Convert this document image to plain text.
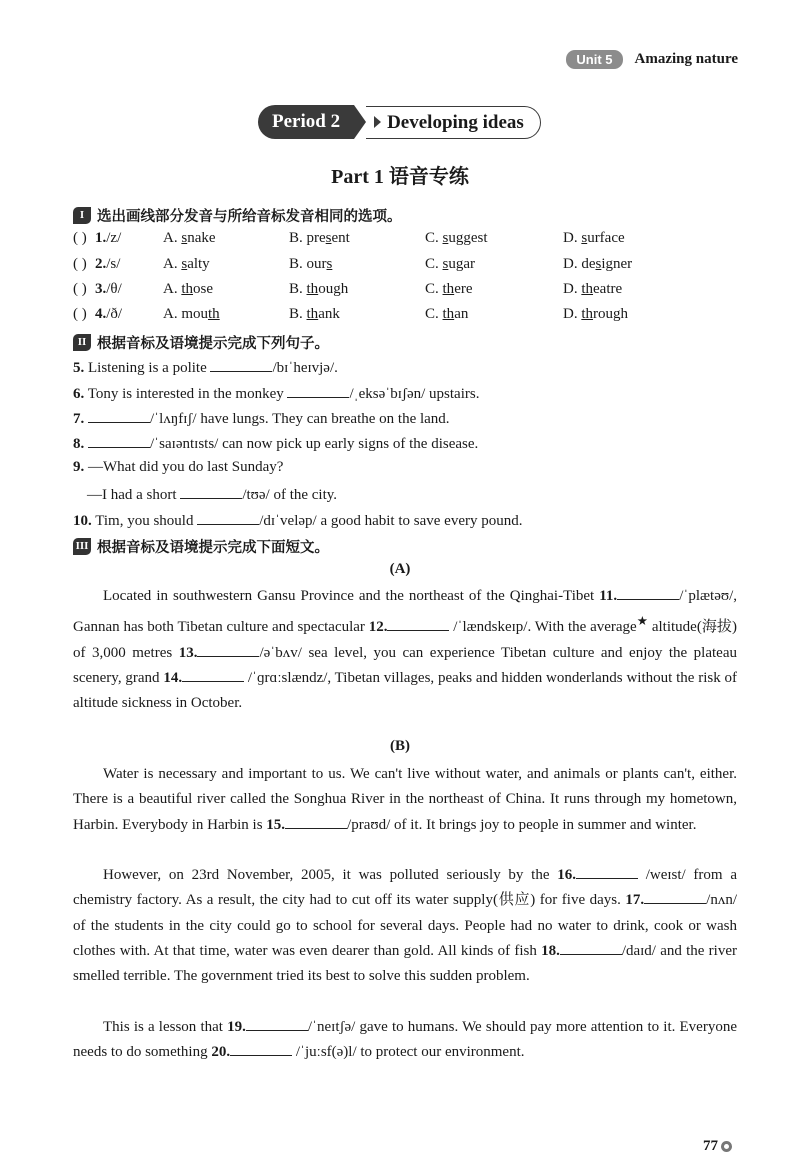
Unit 5	Amazing nature
Period 2	Developing ideas
Part 1 语音专练
I 选出画线部分发音与所给音标发音相同的选项。
( ) 1./z/	A. snake	B. present	C. suggest	D. surface
( ) 2./s/	A. salty	B. ours	C. sugar	D. designer
( ) 3./θ/	A. those	B. though	C. there	D. theatre
( ) 4./ð/	A. mouth	B. thank	C. than	D. through
II 根据音标及语境提示完成下列句子。
5. Listening is a polite	/bɪˈheɪvjə/.
6. Tony is interested in the monkey	/ˌeksəˈbɪʃən/ upstairs.
7.	/ˈlʌŋfɪʃ/ have lungs. They can breathe on the land.
8.	/ˈsaɪəntɪsts/ can now pick up early signs of the disease.
9. —What did you do last Sunday?
—I had a short	/tʊə/ of the city.
10. Tim, you should	/dɪˈveləp/ a good habit to save every pound.
III 根据音标及语境提示完成下面短文。
(A)
Located in southwestern Gansu Province and the northeast of the Qinghai-Tibet 11.	/ˈplætəʊ/, Gannan has both Tibetan culture and spectacular 12.	/ˈlændskeɪp/. With the average★ altitude(海拔) of 3,000 metres 13.	/əˈbʌv/ sea level, you can experience Tibetan culture and enjoy the plateau scenery, grand 14.	/ˈɡrɑːslændz/, Tibetan villages, peaks and hidden wonderlands without the risk of altitude sickness in October.
(B)
Water is necessary and important to us. We can't live without water, and animals or plants can't, either. There is a beautiful river called the Songhua River in the northeast of China. It runs through my hometown, Harbin. Everybody in Harbin is 15.	/praʊd/ of it. It brings joy to people in summer and winter.
However, on 23rd November, 2005, it was polluted seriously by the 16.	/weɪst/ from a chemistry factory. As a result, the city had to cut off its water supply(供应) for five days. 17.	/nʌn/ of the students in the city could go to school for several days. People had no water to drink, cook or wash clothes with. At that time, water was even dearer than gold. All kinds of fish 18.	/daɪd/ and the river smelled terrible. The government tried its best to solve this sudden problem.
This is a lesson that 19.	/ˈneɪtʃə/ gave to humans. We should pay more attention to it. Everyone needs to do something 20.	/ˈjuːsf(ə)l/ to protect our environment.
77
